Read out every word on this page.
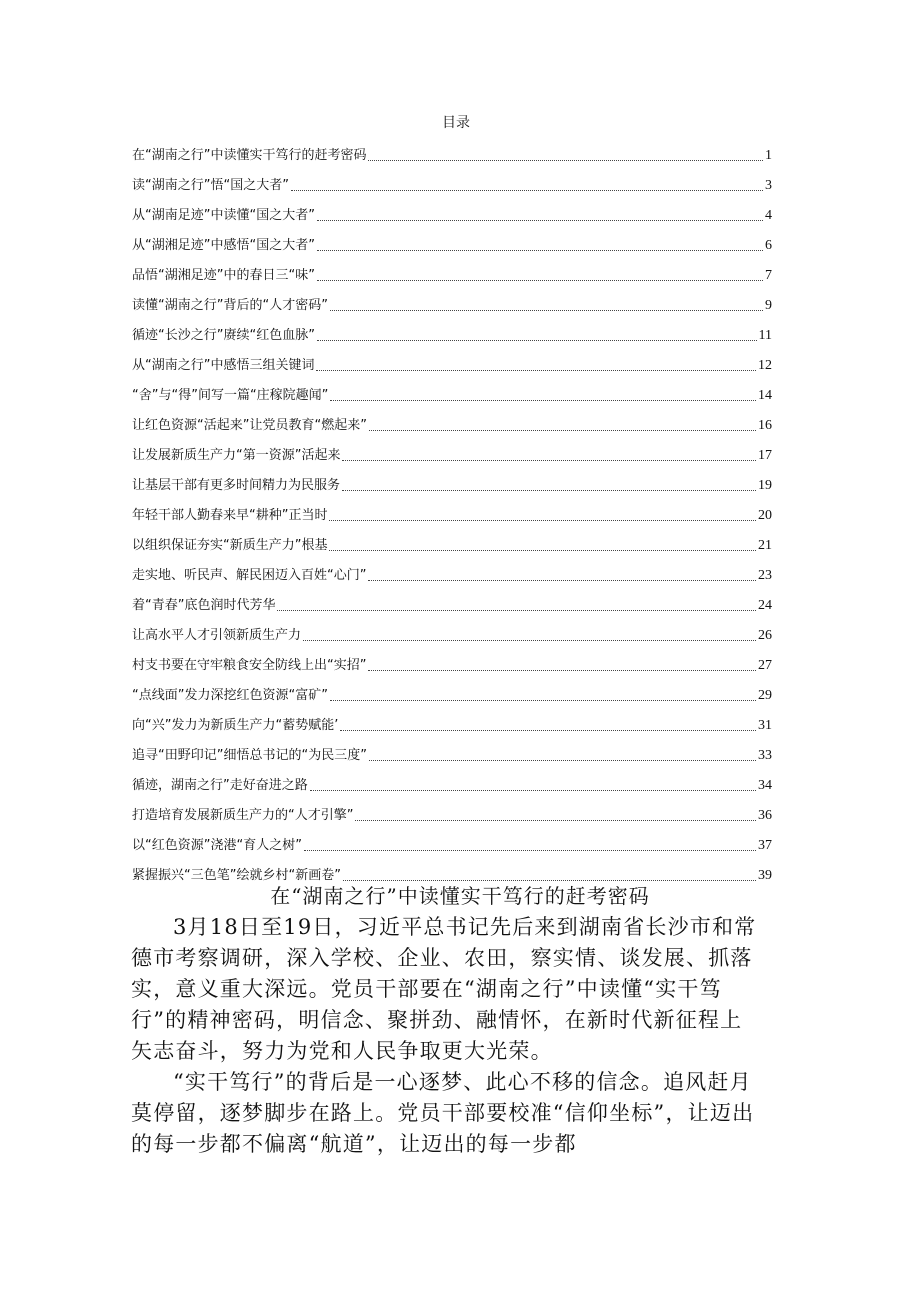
目录
在“湖南之行”中读懂实干笃行的赶考密码	1
读“湖南之行”悟“国之大者”	3
从“湖南足迹”中读懂“国之大者”	4
从“湖湘足迹”中感悟“国之大者”	6
品悟“湖湘足迹”中的春日三“味”	7
读懂“湖南之行”背后的“人才密码”	9
循迹“长沙之行”赓续“红色血脉”	11
从“湖南之行”中感悟三组关键词	12
“舍”与“得”间写一篇“庄稼院趣闻”	14
让红色资源“活起来”让党员教育“燃起来”	16
让发展新质生产力“第一资源”活起来	17
让基层干部有更多时间精力为民服务	19
年轻干部人勤春来早“耕种”正当时	20
以组织保证夯实“新质生产力”根基	21
走实地、听民声、解民困迈入百姓“心门”	23
着“青春”底色润时代芳华	24
让高水平人才引领新质生产力	26
村支书要在守牢粮食安全防线上出“实招”	27
“点线面”发力深挖红色资源“富矿”	29
向“兴”发力为新质生产力“蓄势赋能’	31
追寻“田野印记”细悟总书记的“为民三度”	33
循迹，湖南之行”走好奋进之路	34
打造培育发展新质生产力的“人才引擎”	36
以“红色资源”浇港“育人之树”	37
紧握振兴“三色笔”绘就乡村“新画卷”	39
在“湖南之行”中读懂实干笃行的赶考密码

3月18日至19日，习近平总书记先后来到湖南省长沙市和常德市考察调研，深入学校、企业、农田，察实情、谈发展、抓落实，意义重大深远。党员干部要在“湖南之行”中读懂“实干笃行”的精神密码，明信念、聚拼劲、融情怀，在新时代新征程上矢志奋斗，努力为党和人民争取更大光荣。

“实干笃行”的背后是一心逐梦、此心不移的信念。追风赶月莫停留，逐梦脚步在路上。党员干部要校准“信仰坐标”，让迈出的每一步都不偏离“航道”，让迈出的每一步都
